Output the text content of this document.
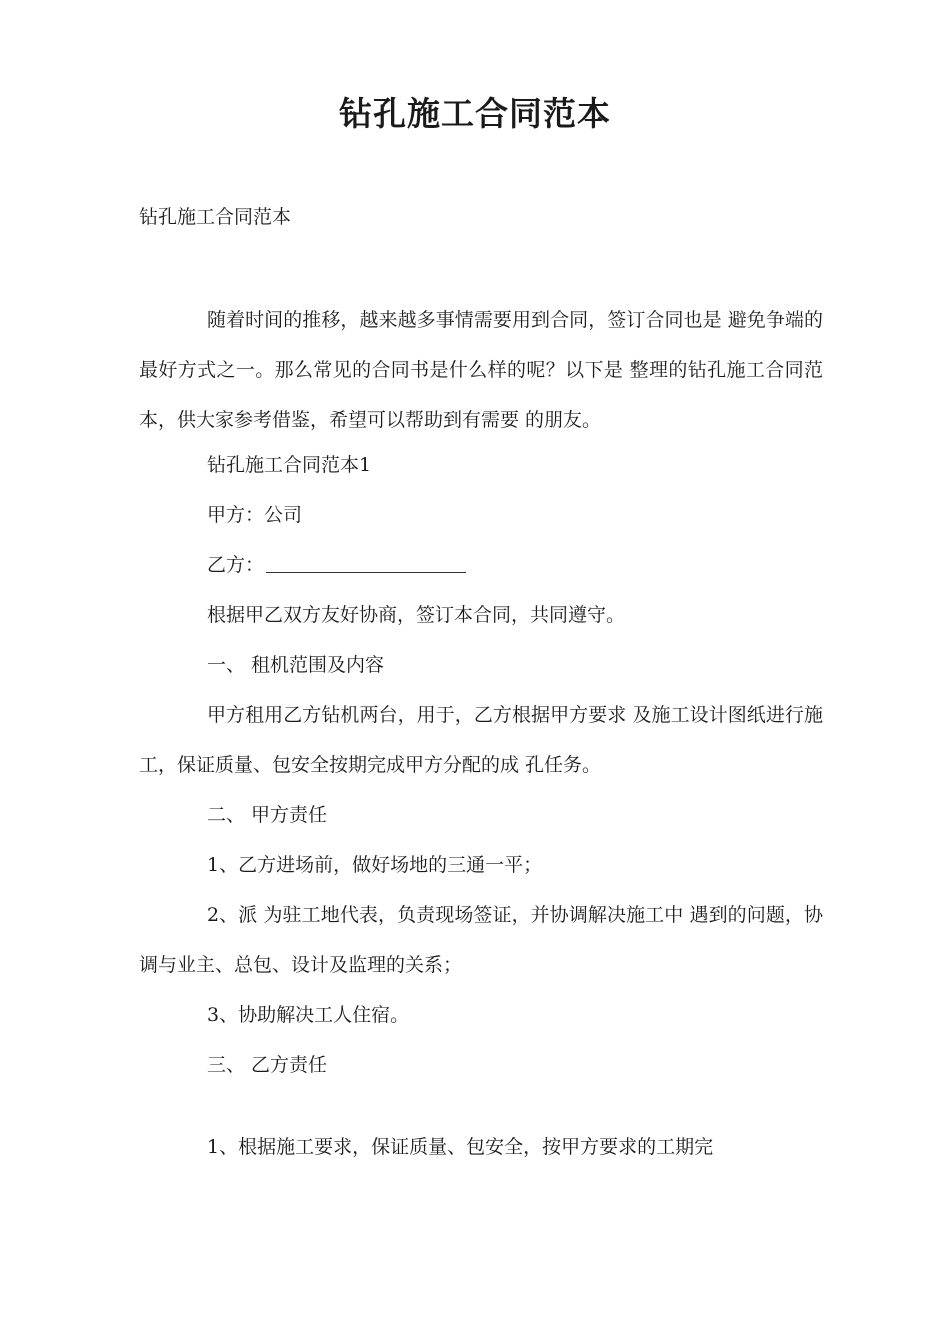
钻孔施工合同范本

钻孔施工合同范本

随着时间的推移，越来越多事情需要用到合同，签订合同也是 避免争端的最好方式之一。那么常见的合同书是什么样的呢？以下是 整理的钻孔施工合同范本，供大家参考借鉴，希望可以帮助到有需要 的朋友。

钻孔施工合同范本1

甲方：公司

乙方：

根据甲乙双方友好协商，签订本合同，共同遵守。

一、 租机范围及内容

甲方租用乙方钻机两台，用于，乙方根据甲方要求 及施工设计图纸进行施工，保证质量、包安全按期完成甲方分配的成 孔任务。

二、 甲方责任

1、乙方进场前，做好场地的三通一平；

2、派 为驻工地代表，负责现场签证，并协调解决施工中 遇到的问题，协调与业主、总包、设计及监理的关系；

3、协助解决工人住宿。

三、 乙方责任

1、根据施工要求，保证质量、包安全，按甲方要求的工期完
